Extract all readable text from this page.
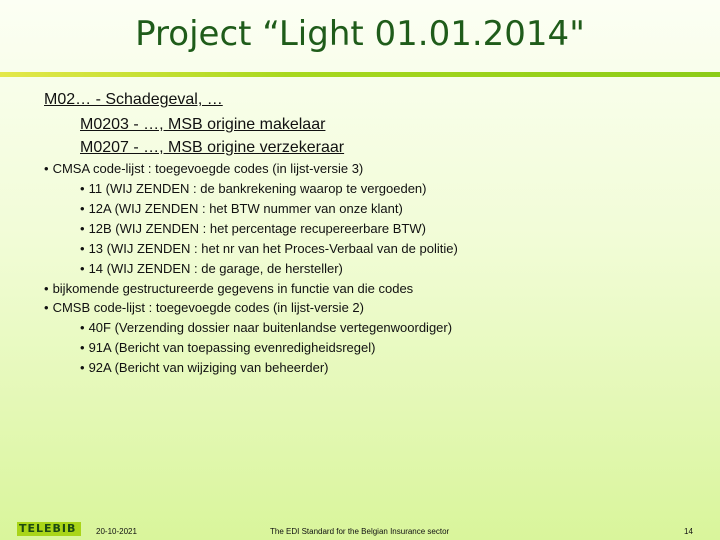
Project “Light 01.01.2014"
M02… - Schadegeval, …
M0203 - …, MSB origine makelaar
M0207 - …, MSB origine verzekeraar
• CMSA code-lijst : toegevoegde codes (in lijst-versie 3)
• 11 (WIJ ZENDEN : de bankrekening waarop te vergoeden)
• 12A (WIJ ZENDEN : het BTW nummer van onze klant)
• 12B (WIJ ZENDEN : het percentage recupereerbare BTW)
• 13 (WIJ ZENDEN : het nr van het Proces-Verbaal van de politie)
• 14 (WIJ ZENDEN : de garage, de hersteller)
• bijkomende gestructureerde gegevens in functie van die codes
• CMSB code-lijst : toegevoegde codes (in lijst-versie 2)
• 40F (Verzending dossier naar buitenlandse vertegenwoordiger)
• 91A (Bericht van toepassing evenredigheidsregel)
• 92A (Bericht van wijziging van beheerder)
TELEBIB	20-10-2021	The EDI Standard for the Belgian Insurance sector	14
